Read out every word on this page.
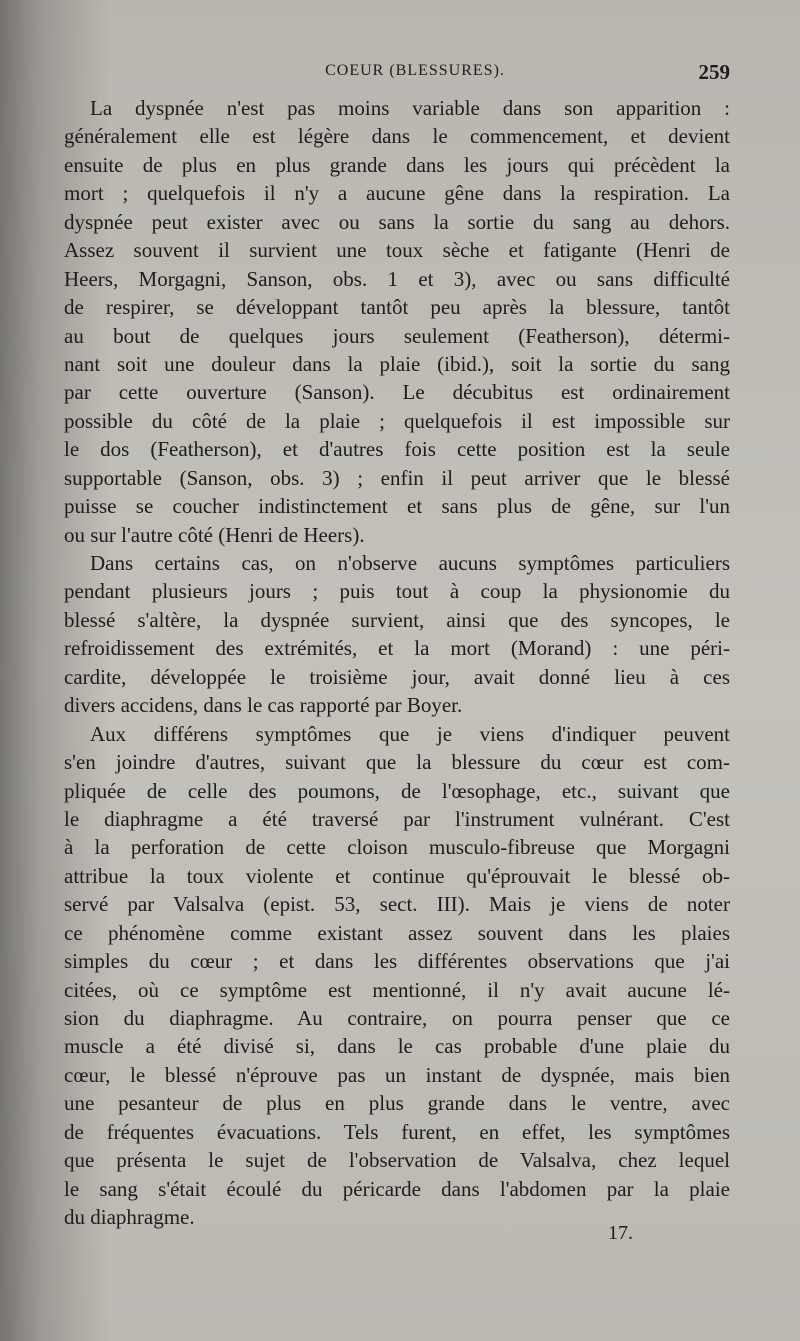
COEUR (BLESSURES).	259
La dyspnée n'est pas moins variable dans son apparition :
généralement elle est légère dans le commencement, et devient
ensuite de plus en plus grande dans les jours qui précèdent la
mort ; quelquefois il n'y a aucune gêne dans la respiration. La
dyspnée peut exister avec ou sans la sortie du sang au dehors.
Assez souvent il survient une toux sèche et fatigante (Henri de
Heers, Morgagni, Sanson, obs. 1 et 3), avec ou sans difficulté
de respirer, se développant tantôt peu après la blessure, tantôt
au bout de quelques jours seulement (Featherson), détermi-
nant soit une douleur dans la plaie (ibid.), soit la sortie du sang
par cette ouverture (Sanson). Le décubitus est ordinairement
possible du côté de la plaie ; quelquefois il est impossible sur
le dos (Featherson), et d'autres fois cette position est la seule
supportable (Sanson, obs. 3) ; enfin il peut arriver que le blessé
puisse se coucher indistinctement et sans plus de gêne, sur l'un
ou sur l'autre côté (Henri de Heers).
Dans certains cas, on n'observe aucuns symptômes particuliers
pendant plusieurs jours ; puis tout à coup la physionomie du
blessé s'altère, la dyspnée survient, ainsi que des syncopes, le
refroidissement des extrémités, et la mort (Morand) : une péri-
cardite, développée le troisième jour, avait donné lieu à ces
divers accidens, dans le cas rapporté par Boyer.
Aux différens symptômes que je viens d'indiquer peuvent
s'en joindre d'autres, suivant que la blessure du cœur est com-
pliquée de celle des poumons, de l'œsophage, etc., suivant que
le diaphragme a été traversé par l'instrument vulnérant. C'est
à la perforation de cette cloison musculo-fibreuse que Morgagni
attribue la toux violente et continue qu'éprouvait le blessé ob-
servé par Valsalva (epist. 53, sect. III). Mais je viens de noter
ce phénomène comme existant assez souvent dans les plaies
simples du cœur ; et dans les différentes observations que j'ai
citées, où ce symptôme est mentionné, il n'y avait aucune lé-
sion du diaphragme. Au contraire, on pourra penser que ce
muscle a été divisé si, dans le cas probable d'une plaie du
cœur, le blessé n'éprouve pas un instant de dyspnée, mais bien
une pesanteur de plus en plus grande dans le ventre, avec
de fréquentes évacuations. Tels furent, en effet, les symptômes
que présenta le sujet de l'observation de Valsalva, chez lequel
le sang s'était écoulé du péricarde dans l'abdomen par la plaie
du diaphragme.
17.
